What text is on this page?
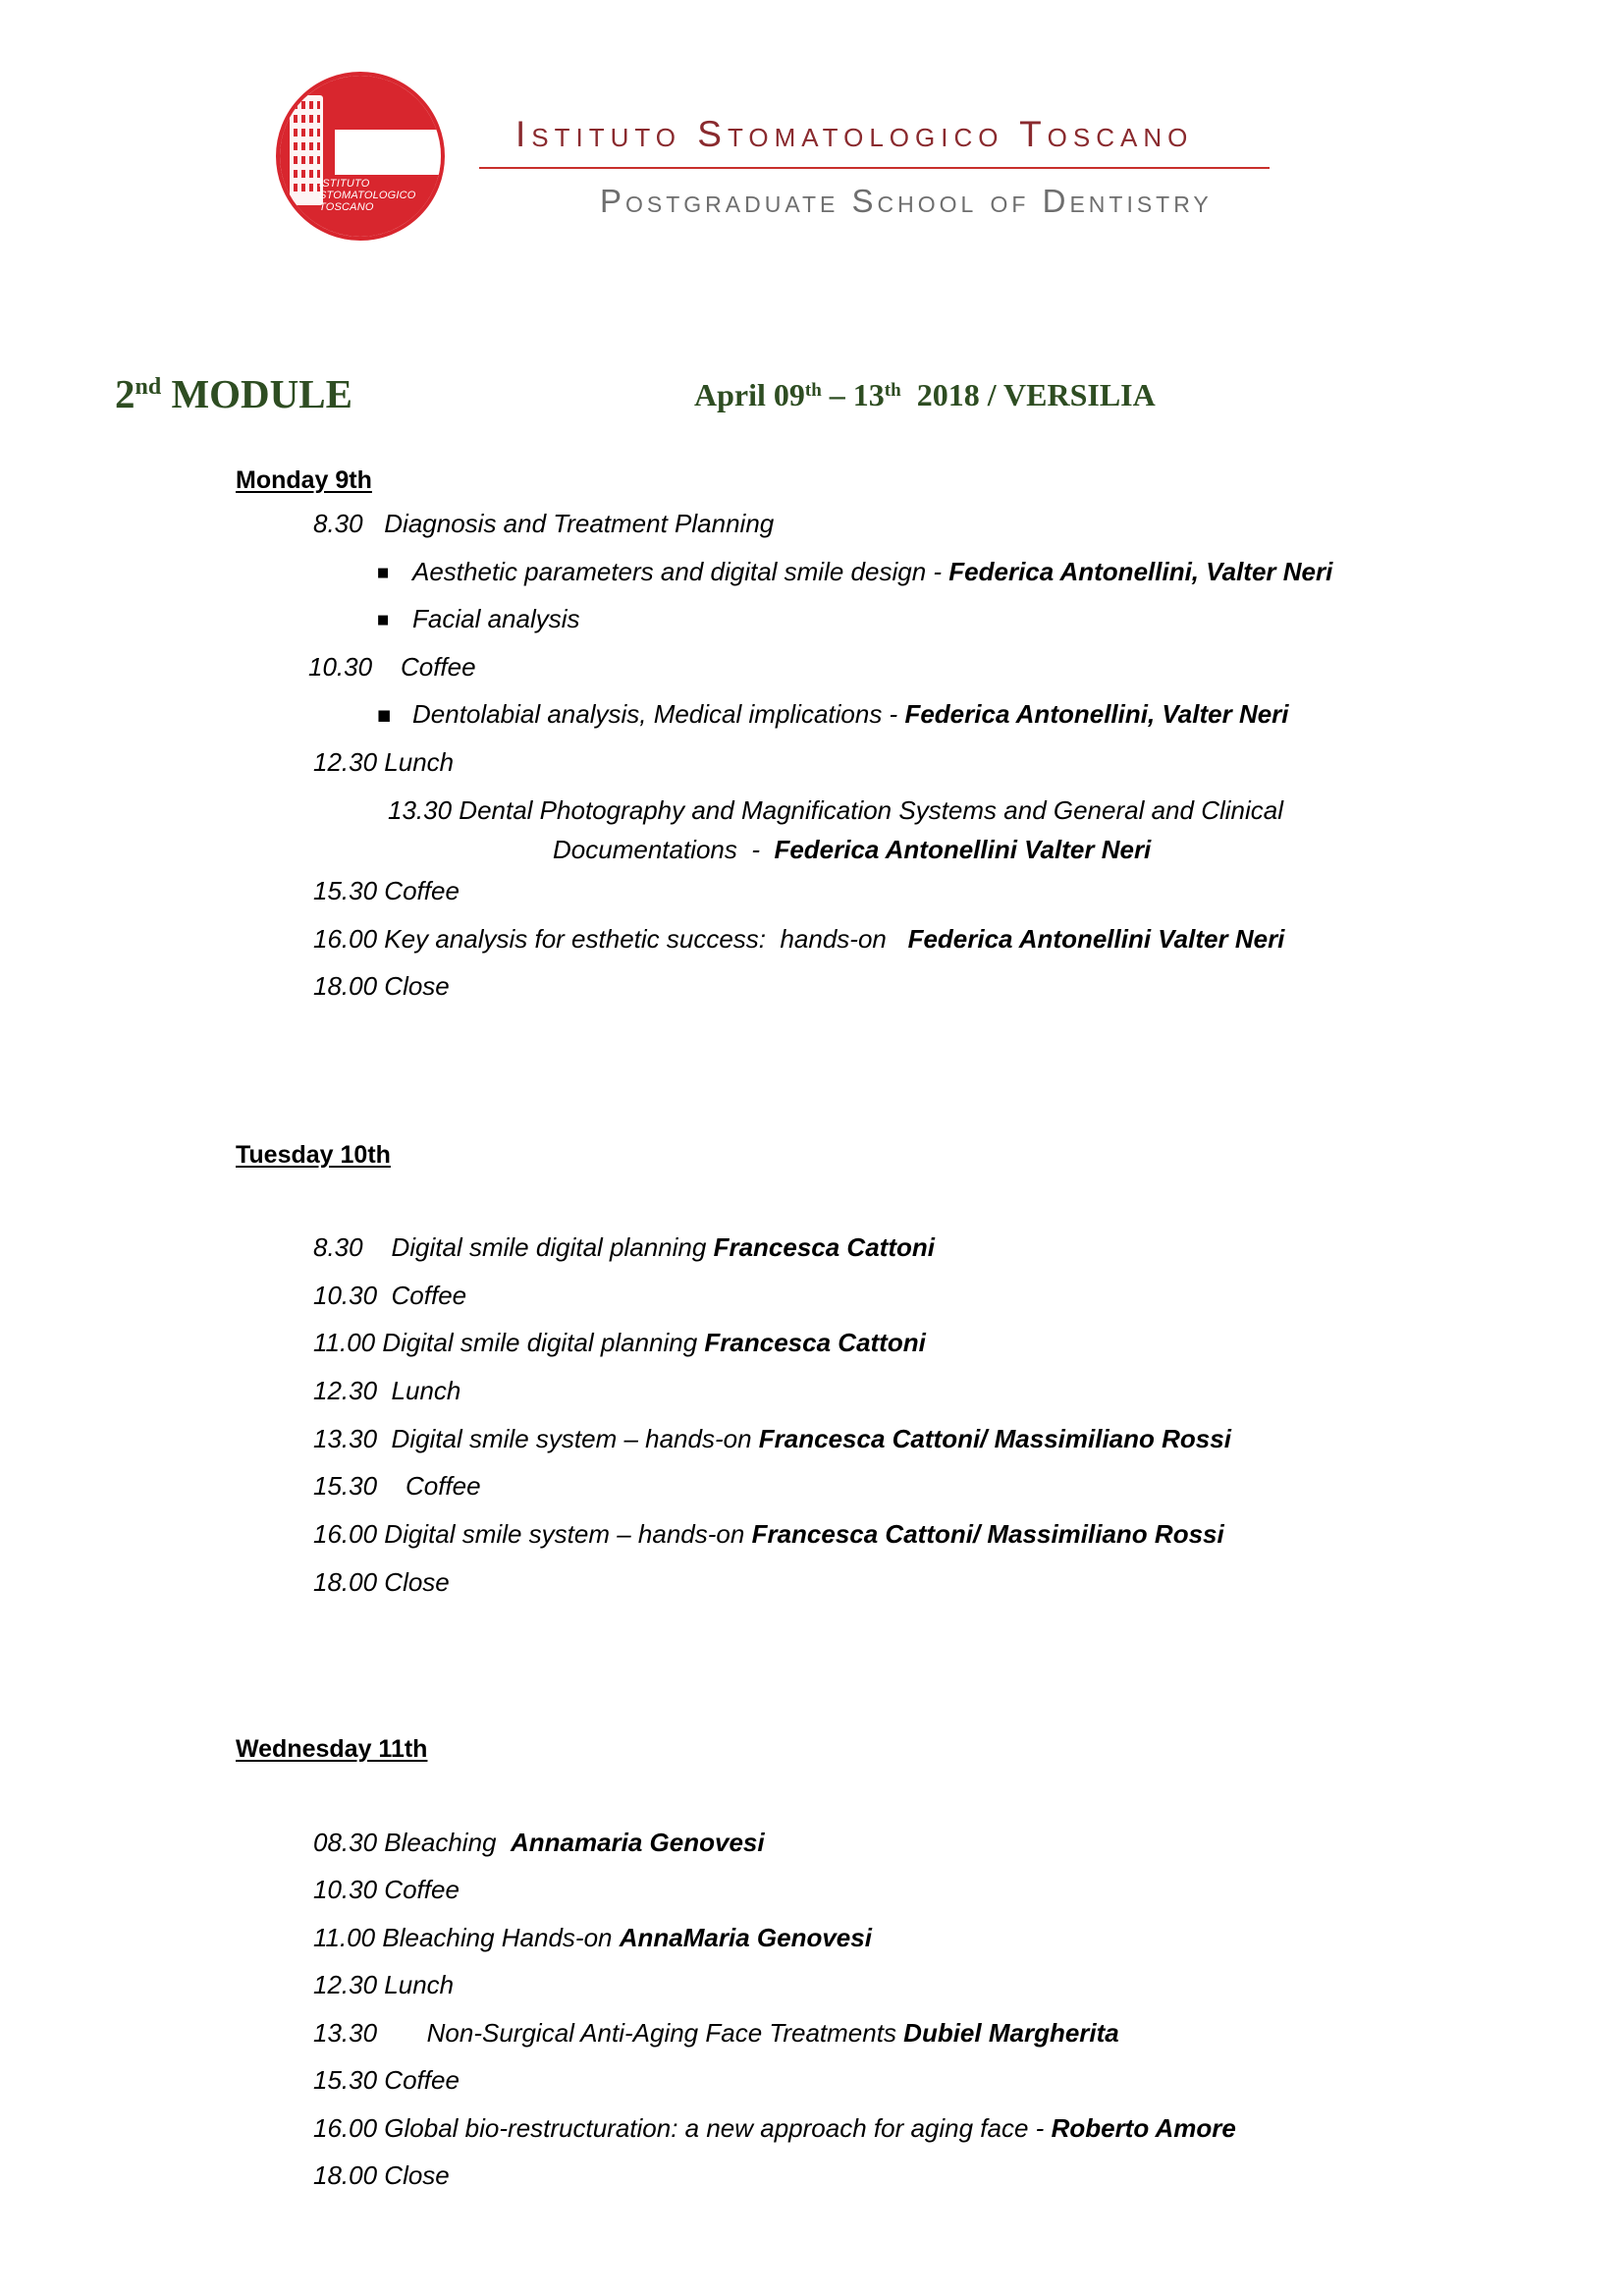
ISTITUTO
STOMATOLOGICO
TOSCANO
Istituto Stomatologico Toscano
Postgraduate School of Dentistry
2nd MODULE	April 09th – 13th  2018 / VERSILIA
Monday 9th
8.30   Diagnosis and Treatment Planning
■ Aesthetic parameters and digital smile design - Federica Antonellini, Valter Neri
■ Facial analysis
10.30    Coffee
■ Dentolabial analysis, Medical implications - Federica Antonellini, Valter Neri
12.30 Lunch
13.30 Dental Photography and Magnification Systems and General and Clinical
Documentations  -  Federica Antonellini Valter Neri
15.30 Coffee
16.00 Key analysis for esthetic success:  hands-on   Federica Antonellini Valter Neri
18.00 Close
Tuesday 10th
8.30    Digital smile digital planning Francesca Cattoni
10.30  Coffee
11.00 Digital smile digital planning Francesca Cattoni
12.30  Lunch
13.30  Digital smile system – hands-on Francesca Cattoni/ Massimiliano Rossi
15.30    Coffee
16.00 Digital smile system – hands-on Francesca Cattoni/ Massimiliano Rossi
18.00 Close
Wednesday 11th
08.30 Bleaching  Annamaria Genovesi
10.30 Coffee
11.00 Bleaching Hands-on AnnaMaria Genovesi
12.30 Lunch
13.30       Non-Surgical Anti-Aging Face Treatments Dubiel Margherita
15.30 Coffee
16.00 Global bio-restructuration: a new approach for aging face - Roberto Amore
18.00 Close
